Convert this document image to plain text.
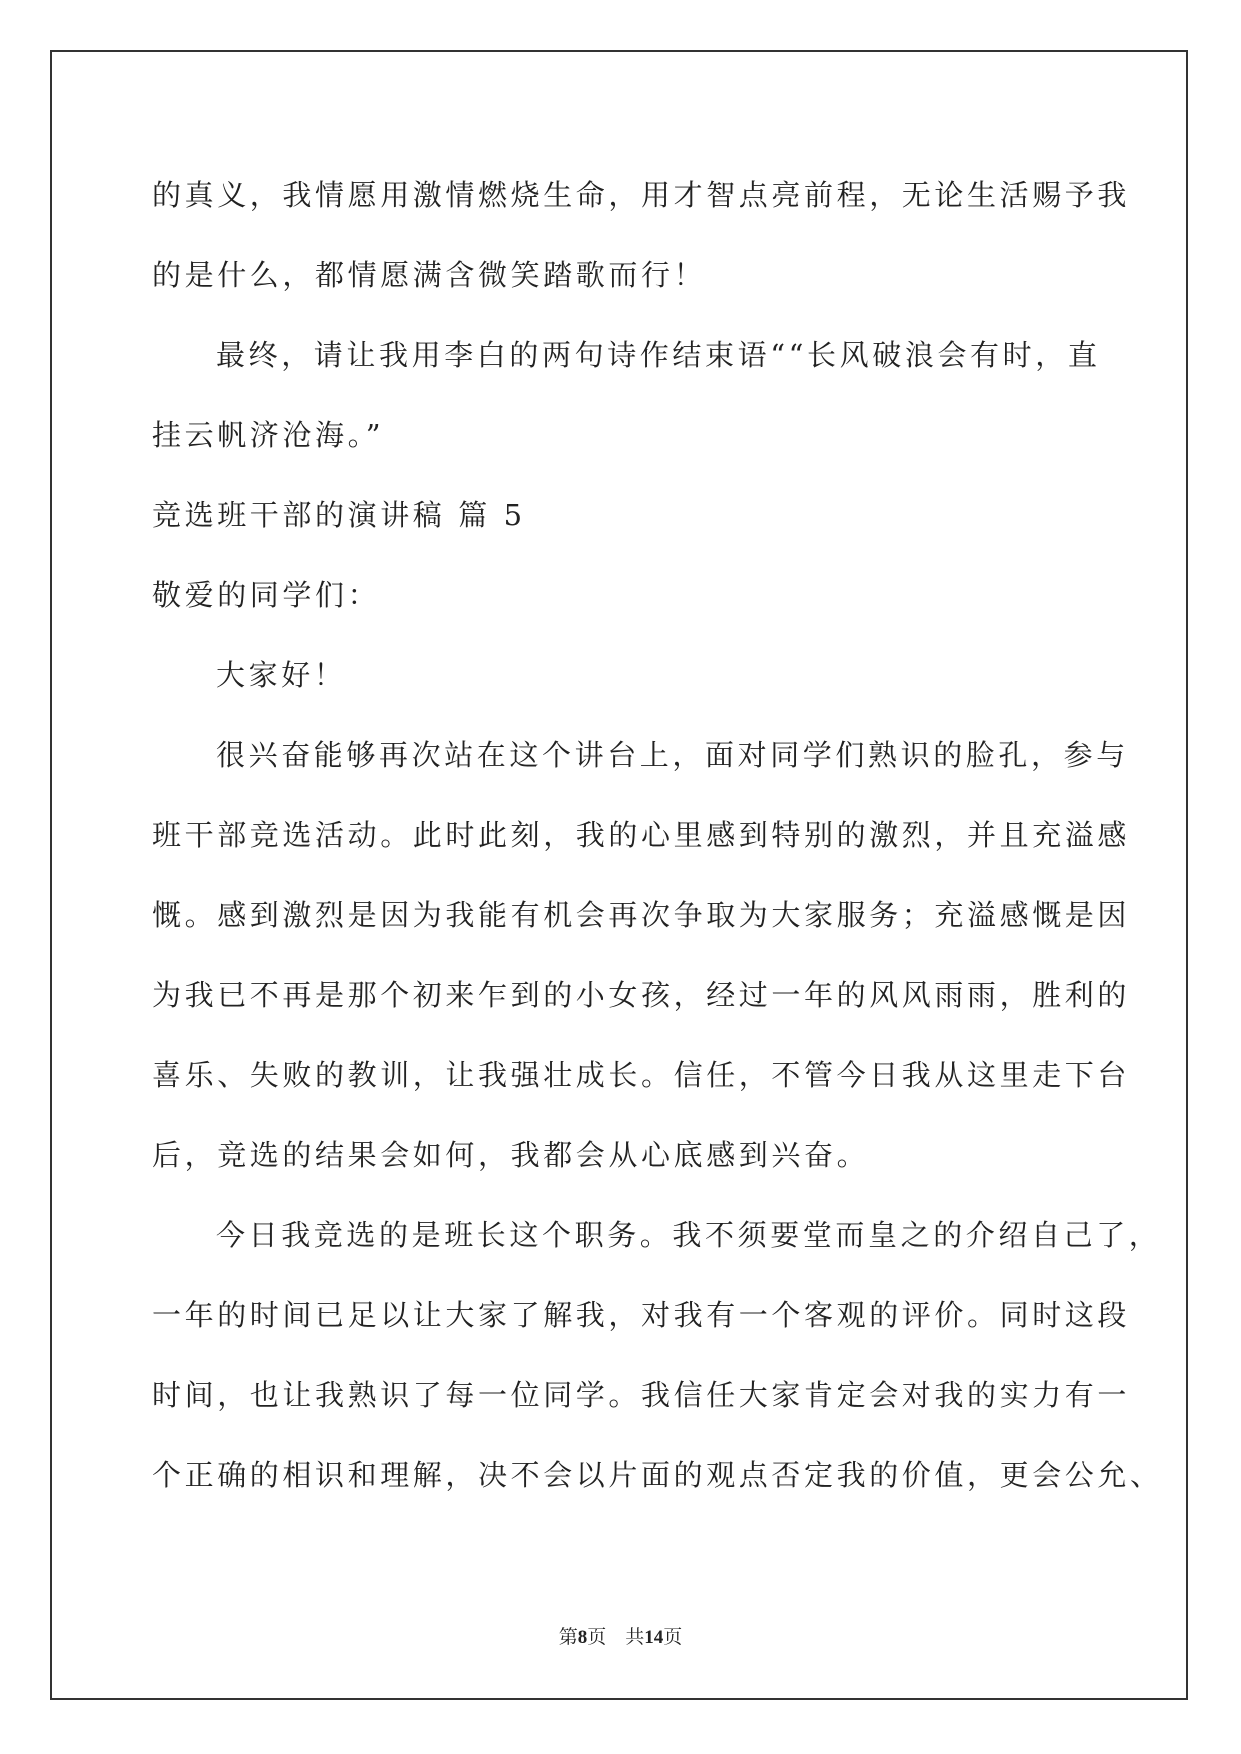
的真义，我情愿用激情燃烧生命，用才智点亮前程，无论生活赐予我
的是什么，都情愿满含微笑踏歌而行！
最终，请让我用李白的两句诗作结束语““长风破浪会有时，直
挂云帆济沧海。”
竞选班干部的演讲稿 篇 5
敬爱的同学们：
大家好！
很兴奋能够再次站在这个讲台上，面对同学们熟识的脸孔，参与
班干部竞选活动。此时此刻，我的心里感到特别的激烈，并且充溢感
慨。感到激烈是因为我能有机会再次争取为大家服务；充溢感慨是因
为我已不再是那个初来乍到的小女孩，经过一年的风风雨雨，胜利的
喜乐、失败的教训，让我强壮成长。信任，不管今日我从这里走下台
后，竞选的结果会如何，我都会从心底感到兴奋。
今日我竞选的是班长这个职务。我不须要堂而皇之的介绍自己了，
一年的时间已足以让大家了解我，对我有一个客观的评价。同时这段
时间，也让我熟识了每一位同学。我信任大家肯定会对我的实力有一
个正确的相识和理解，决不会以片面的观点否定我的价值，更会公允、
第8页 共14页
